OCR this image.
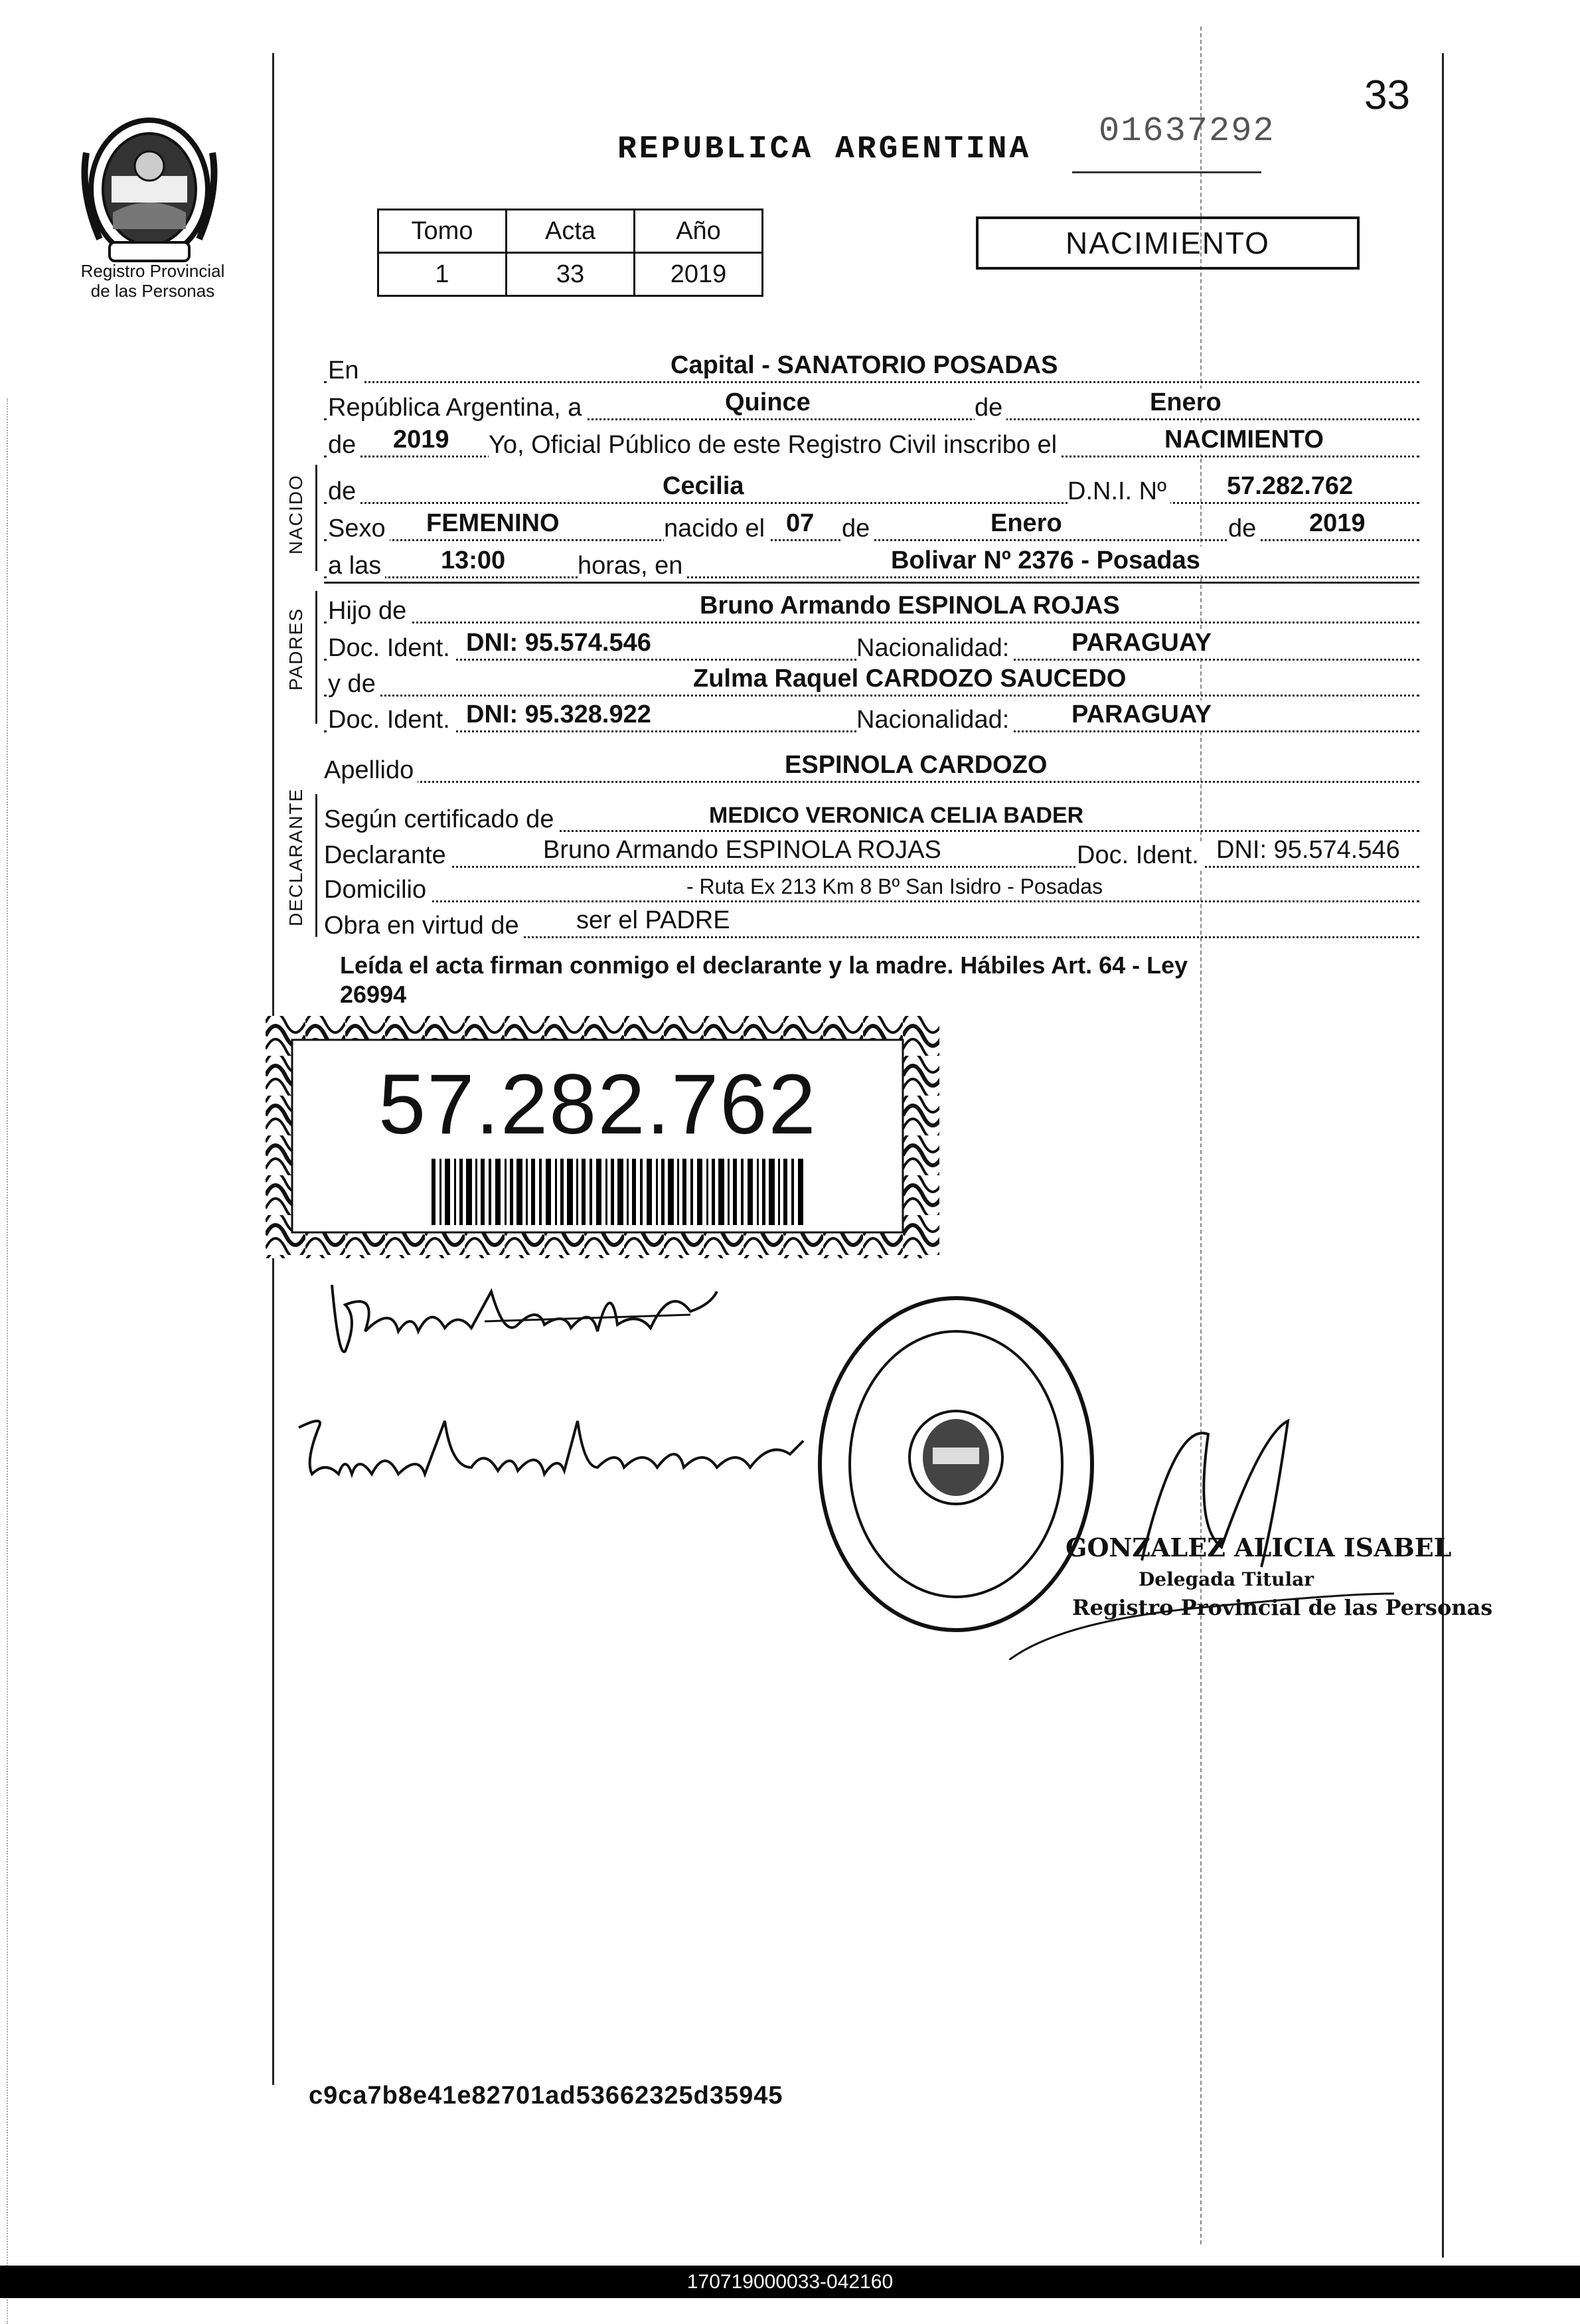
Registro Provincial
de las Personas
REPUBLICA ARGENTINA 01637292
33
Tomo	Acta	Año
1	33	2019
NACIMIENTO
En	Capital - SANATORIO POSADAS
República Argentina, a	Quince	de	Enero
de 2019 Yo, Oficial Público de este Registro Civil inscribo el	NACIMIENTO
NACIDO de	Cecilia	D.N.I. Nº 57.282.762
Sexo FEMENINO	nacido el 07 de	Enero	de 2019
a las 13:00	horas, en	Bolivar Nº 2376 - Posadas
PADRES Hijo de	Bruno Armando ESPINOLA ROJAS
Doc. Ident. DNI: 95.574.546	Nacionalidad: PARAGUAY
y de	Zulma Raquel CARDOZO SAUCEDO
Doc. Ident. DNI: 95.328.922	Nacionalidad: PARAGUAY
Apellido	ESPINOLA CARDOZO
DECLARANTE Según certificado de	MEDICO VERONICA CELIA BADER
Declarante	Bruno Armando ESPINOLA ROJAS	Doc. Ident. DNI: 95.574.546
Domicilio	- Ruta Ex 213 Km 8 Bº San Isidro - Posadas
Obra en virtud de ser el PADRE
Leída el acta firman conmigo el declarante y la madre. Hábiles Art. 64 - Ley
26994
57.282.762
GONZALEZ ALICIA ISABEL
Delegada Titular
Registro Provincial de las Personas
c9ca7b8e41e82701ad53662325d35945
170719000033-042160
